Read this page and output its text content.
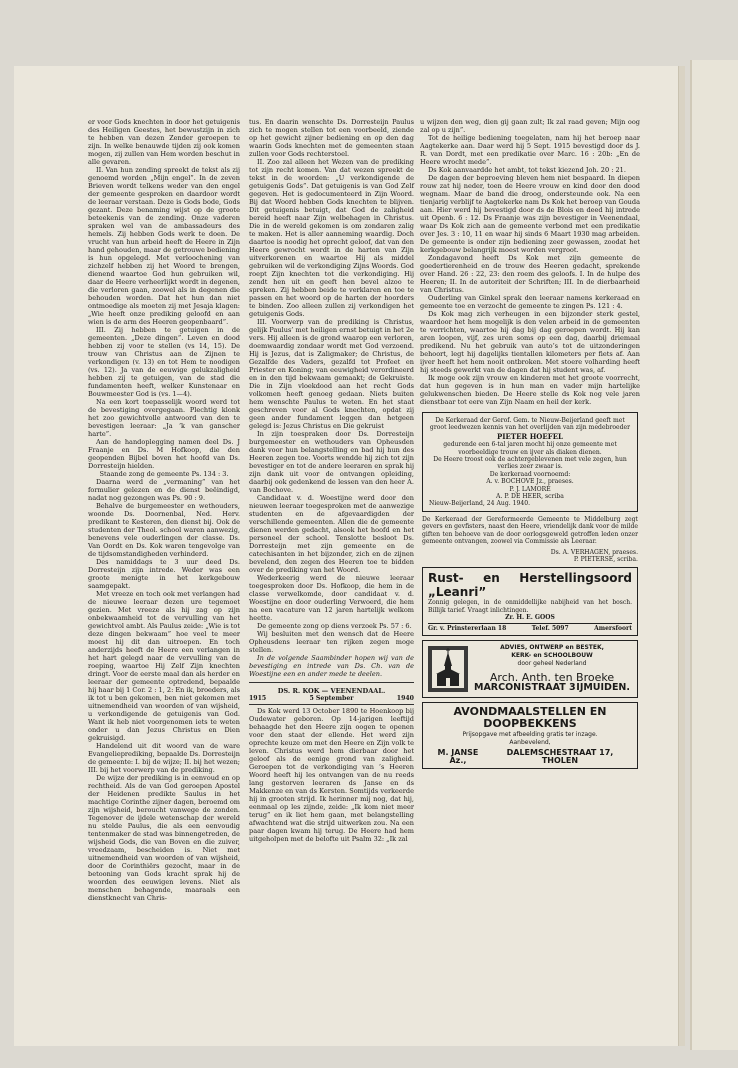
er voor Gods knechten in door het getuigenis des Heiligen Geestes, het bewustzijn in zich te hebben van dezen Zender geroepen te zijn. In welke benauwde tijden zij ook komen mogen, zij zullen van Hem worden beschut in alle gevaren.

II. Van hun zending spreekt de tekst als zij genoemd worden „Mijn engel”. In de zeven Brieven wordt telkens weder van den engel der gemeente gesproken en daardoor wordt de leeraar verstaan. Deze is Gods bode, Gods gezant. Deze benaming wijst op de groote beteekenis van de zending. Onze vaderen spraken wel van de ambassadeurs des hemels. Zij hebben Gods werk te doen. De vrucht van hun arbeid heeft de Heere in Zijn hand gehouden, maar de getrouwe bediening is hun opgelegd. Met verloochening van zichzelf hebben zij het Woord te brengen, dienend waartoe God hun gebruiken wil, daar de Heere verheerlijkt wordt in degenen, die verloren gaan, zoowel als in degenen die behouden worden. Dat het hun dan niet ontmoedige als moeten zij met Jesaja klagen: „Wie heeft onze prediking geloofd en aan wien is de arm des Heeren geopenbaard”.

III. Zij hebben te getuigen in de gemeenten. „Deze dingen”. Leven en dood hebben zij voor te stellen (vs 14, 15). De trouw van Christus aan de Zijnen te verkondigen (v. 13) en tot Hem te noodigen (vs. 12). Ja van de eeuwige gelukzaligheid hebben zij te getuigen, van de stad die fundamenten heeft, welker Kunstenaar en Bouwmeester God is (vs. 1—4).

Na een kort toepasselijk woord werd tot de bevestiging overgegaan. Plechtig klonk het zoo gewichtvolle antwoord van den te bevestigen leeraar: „Ja ’k van ganscher harte”.

Aan de handoplegging namen deel Ds. J Fraanje en Ds. M Hofkoop, die den geopenden Bijbel boven het hoofd van Ds. Dorresteijn hielden.

Staande zong de gemeente Ps. 134 : 3.

Daarna werd de „vermaning” van het formulier gelezen en de dienst beëindigd, nadat nog gezongen was Ps. 90 : 9.

Behalve de burgemeester en wethouders, woonde Ds. Doornenbal, Ned. Herv. predikant te Kesteren, den dienst bij. Ook de studenten der Theol. school waren aanwezig, benevens vele ouderlingen der classe. Ds. Van Oordt en Ds. Kok waren tengevolge van de tijdsomstandigheden verhinderd.

Des namiddags te 3 uur deed Ds. Dorresteijn zijn intrede. Weder was een groote menigte in het kerkgebouw saamgepakt.

Met vreeze en toch ook met verlangen had de nieuwe leeraar dezen ure tegemoet gezien. Met vreeze als hij zag op zijn onbekwaamheid tot de vervulling van het gewichtvol ambt. Als Paulus zeide: „Wie is tot deze dingen bekwaam” hoe veel te meer moest hij dit dan uitroepen. En toch anderzijds heeft de Heere een verlangen in het hart gelegd naar de vervulling van de roeping, waartoe Hij Zelf Zijn knechten dringt. Voor de eerste maal dan als herder en leeraar der gemeente optredend, bepaalde hij haar bij 1 Cor. 2 : 1, 2: En ik, broeders, als ik tot u ben gekomen, ben niet gekomen met uitnemendheid van woorden of van wijsheid, u verkondigende de getuigenis van God. Want ik heb niet voorgenomen iets te weten onder u dan Jezus Christus en Dien gekruisigd.

Handelend uit dit woord van de ware Evangelieprediking, bepaalde Ds. Dorresteijn de gemeente: I. bij de wijze; II. bij het wezen; III. bij het voorwerp van de prediking.

De wijze der prediking is in eenvoud en op rechtheid. Als de van God geroepen Apostel der Heidenen predikte Saulus in het machtige Corinthe zijner dagen, beroemd om zijn wijsheid, beroucht vanwege de zonden. Tegenover de ijdele wetenschap der wereld nu stelde Paulus, die als een eenvoudig tentenmaker de stad was binnengetreden, de wijsheid Gods, die van Boven en die zuiver, vreedzaam, bescheiden is. Niet met uitnemendheid van woorden of van wijsheid, door de Corinthiërs gezocht, maar in de betooning van Gods kracht sprak hij de woorden des eeuwigen levens. Niet als menschen behagende, maaraals een dienstknecht van Chris-

tus. En daarin wenschte Ds. Dorresteijn Paulus zich te mogen stellen tot een voorbeeld, ziende op het gewicht zijner bediening en op den dag waarin Gods knechten met de gemeenten staan zullen voor Gods rechterstoel.

II. Zoo zal alleen het Wezen van de prediking tot zijn recht komen. Van dat wezen spreekt de tekst in de woorden: „U verkondigende de getuigenis Gods”. Dat getuigenis is van God Zelf gegeven. Het is gedocumenteerd in Zijn Woord. Bij dat Woord hebben Gods knechten te blijven. Dit getuigenis betuigt, dat God de zaligheid bereid heeft naar Zijn welbehagen in Christus. Die in de wereld gekomen is om zondaren zalig te maken. Het is aller aanneming waardig. Doch daartoe is noodig het oprecht geloof, dat van den Heere gewrocht wordt in de harten van Zijn uitverkorenen en waartoe Hij als middel gebruiken wil de verkondiging Zijns Woords. God roept Zijn knechten tot die verkondiging. Hij zendt hen uit en geeft hen bevel alzoo te spreken. Zij hebben beide te verklaren en toe te passen en het woord op de harten der hoorders te binden. Zoo alleen zullen zij verkondigen het getuigenis Gods.

III. Voorwerp van de prediking is Christus, gelijk Paulus’ met heiligen ernst betuigt in het 2e vers. Hij alleen is de grond waarop een verloren, doemwaardig zondaar wordt met God verzoend. Hij is Jezus, dat is Zaligmaker; de Christus, de Gezalfde des Vaders, gezalfd tot Profeet en Priester en Koning; van eeuwigheid verordineerd en in den tijd bekwaam gemaakt; de Gekruiste. Die in Zijn vloekdood aan het recht Gods volkomen heeft genoeg gedaan. Niets buiten hem wenschte Paulus te weten. En het staat geschreven voor al Gods knechten, opdat zij geen ander fundament leggen dan hetgeen gelegd is: Jezus Christus en Die gekruist

In zijn toespraken door Ds. Dorresteijn burgemeester en wethouders van Opheusden dank voor hun belangstelling en bad hij hun des Heeren zegen toe. Voorts wendde hij zich tot zijn bevestiger en tot de andere leeraren en sprak hij zijn dank uit voor de ontvangen opleiding, daarbij ook gedenkend de lessen van den heer A. van Bochove.

Candidaat v. d. Woestijne werd door den nieuwen leeraar toegesproken met de aanwezige studenten en de afgevaardigden der verschillende gemeenten. Allen die de gemeente dienen werden gedacht, alsook het hoofd en het personeel der school. Tenslotte besloot Ds. Dorresteijn met zijn gemeente en de catechisanten in het bijzonder, zich en de zijnen bevelend, den zegen des Heeren toe te bidden over de prediking van het Woord.

Wederkeerig werd de nieuwe leeraar toegesproken door Ds. Hofkoop, die hem in de classe verwelkomde, door candidaat v. d. Woestijne en door ouderling Verwoerd, die hem na een vacature van 12 jaren hartelijk welkom heette.

De gemeente zong op diens verzoek Ps. 57 : 6.

Wij besluiten met den wensch dat de Heere Opheusdens leeraar ten rijken zegen moge stellen.

In de volgende Saambinder hopen wij van de bevestiging en intrede van Ds. Ch. van de Woestijne een en ander mede te deelen.

DS. R. KOK — VEENENDAAL.
1915	5 September	1940

Ds Kok werd 13 October 1890 te Hoenkoop bij Oudewater geboren. Op 14-jarigen leeftijd behaagde het den Heere zijn oogen te openen voor den staat der ellende. Het werd zijn oprechte keuze om met den Heere en Zijn volk te leven. Christus werd hem dierbaar door het geloof als de eenige grond van zaligheid. Geroepen tot de verkondiging van ’s Heeren Woord heeft hij les ontvangen van de nu reeds lang gestorven leeraren ds Janse en ds Makkenze en van ds Kersten. Somtijds verkeerde hij in grooten strijd. Ik herinner mij nog, dat hij, eenmaal op les zijnde, zeide: „Ik kom niet meer terug” en ik liet hem gaan, met belangstelling afwachtend wat die strijd uitwerken zou. Na een paar dagen kwam hij terug. De Heere had hem uitgeholpen met de belofte uit Psalm 32: „Ik zal

u wijzen den weg, dien gij gaan zult; Ik zal raad geven; Mijn oog zal op u zijn”.

Tot de heilige bediening toegelaten, nam hij het beroep naar Aagtekerke aan. Daar werd hij 5 Sept. 1915 bevestigd door ds J. R. van Dordt, met een predikatie over Marc. 16 : 20b: „En de Heere wrocht mede”.

Ds Kok aanvaardde het ambt, tot tekst kiezend Joh. 20 : 21.

De dagen der beproeving bleven hem niet bespaard. In diepen rouw zat hij neder, toen de Heere vrouw en kind door den dood wegnam. Maar de band die droog, ondersteunde ook. Na een tienjarig verblijf te Aagtekerke nam Ds Kok het beroep van Gouda aan. Hier werd hij bevestigd door ds de Blois en deed hij intrede uit Openb. 6 : 12. Ds Fraanje was zijn bevestiger in Veenendaal, waar Ds Kok zich aan de gemeente verbond met een predikatie over Jes. 3 : 10, 11 en waar hij sinds 6 Maart 1930 mag arbeiden. De gemeente is onder zijn bediening zeer gewassen, zoodat het kerkgebouw belangrijk moest worden vergroot.

Zondagavond heeft Ds Kok met zijn gemeente de goedertierenheid en de trouw des Heeren gedacht, sprekende over Hand. 26 : 22, 23: den roem des geloofs. I. In de hulpe des Heeren; II. In de autoriteit der Schriften; III. In de dierbaarheid van Christus.

Ouderling van Ginkel sprak den leeraar namens kerkeraad en gemeente toe en verzocht de gemeente te zingen Ps. 121 : 4.

Ds Kok mag zich verheugen in een bijzonder sterk gestel, waardoor het hem mogelijk is den velen arbeid in de gemeenten te verrichten, waartoe hij dag bij dag geroepen wordt. Hij kan aren loopen, vijf, zes uren soms op een dag, daarbij driemaal predikend. Nu het gebruik van auto’s tot de uitzonderingen behoort, legt hij dagelijks tientallen kilometers per fiets af. Aan ijver heeft het hem nooit ontbroken. Met stoere volharding heeft hij steeds gewerkt van de dagen dat hij student was, af.

Ik moge ook zijn vrouw en kinderen met het groote voorrecht, dat hun gegeven is in hun man en vader mijn hartelijke gelukwenschen bieden. De Heere stelle ds Kok nog vele jaren dienstbaar tot eere van Zijn Naam en heil der kerk.

De Kerkeraad der Gerof. Gem. te Nieuw-Beijerland geeft met groot leedwezen kennis van het overlijden van zijn medebroeder
PIETER HOEFEL
gedurende een 6-tal jaren mocht hij onze gemeente met voorbeeldige trouw en ijver als diaken dienen.
De Heere troost ook de achtergeblevenen met vele zegen, hun verlies zeer zwaar is.
De kerkeraad voornoemd:
A. v. BOCHOVE Jz., praeses.
P. J. LAMORÉ
A. P. DE HEER, scriba
Nieuw-Beijerland, 24 Aug. 1940.
De Kerkeraad der Gereformeerde Gemeente te Middelburg zegt gevers en gevfisters, naast den Heere, vriendelijk dank voor de milde giften ten behoeve van de door oorlogsgeweld getroffen leden onzer gemeente ontvangen, zoowel via Commissie als Leeraar.
Ds. A. VERHAGEN, praeses.
P. PIETERSE, scriba.
Rust- en Herstellingsoord „Leanri”
Zonnig gelegen, in de onmiddellijke nabijheid van het bosch. Billijk tarief. Vraagt inlichtingen.
Zr. H. E. GOOS
Gr. v. Prinstererlaan 18	Telef. 5097	Amersfoort
ADVIES, ONTWERP en BESTEK,
KERK- en SCHOOLBOUW
door geheel Nederland
Arch. Anth. ten Broeke
MARCONISTRAAT 3 IJMUIDEN.
AVONDMAALSTELLEN EN
DOOPBEKKENS
Prijsopgave met afbeelding gratis ter inzage.
Aanbevelend,
M. JANSE Az.,
DALEMSCHESTRAAT 17, THOLEN
